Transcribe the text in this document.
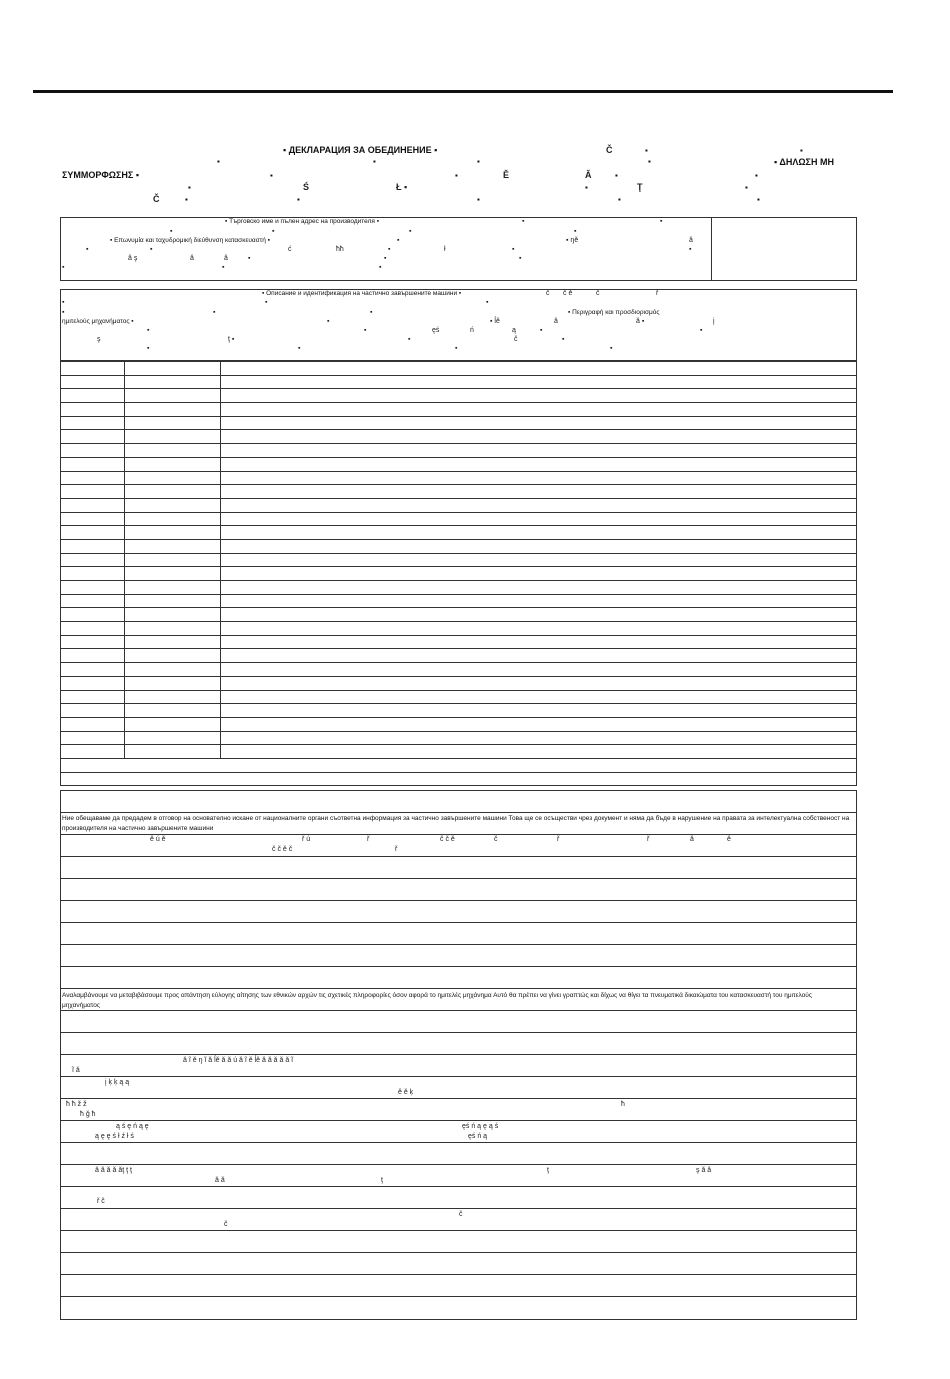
▪ ДЕКЛАРАЦИЯ ЗА ОБЕДИНЕНИЕ ▪	Č	▪	▪
▪	▪	▪	▪	▪ ΔΗΛΩΣΗ ΜΗ
ΣΥΜΜΟΡΦΩΣΗΣ ▪	▪	▪	Ě	Ă	▪	▪
▪	Ś	Ł ▪	▪	Ţ	▪
Č	▪	▪	▪	▪	▪
▪ Търговско име и пълен адрес на производителя ▪	▪	▪
▪	▪	▪	▪
▪ Επωνυμία και ταχυδρομική διεύθυνση κατασκευαστή ▪	▪	▪ ŋě	ă
▪	▪	ć	ħħ	▪	ł	▪	▪
ă ş	ă	ă	▪	▪	▪
▪	▪	▪
▪ Описание и идентификация на частично завършените машини ▪	č č ě	č	ř
▪	▪	▪
▪	▪	▪	▪ Περιγραφή και προσδιορισμός
ημιτελούς μηχανήματος ▪	▪	▪ ĺě	ă	ă ▪	į
▪	▪	ęś	ń	ą	▪	▪
ş	ţ ▪	▪	č	▪
▪	▪	▪	▪

Ние обещаваме да предадем в отговор на основателно искане от националните органи съответна информация за частично завършените машини Това ще се осъществи чрез документ и няма да бъде в нарушение на правата за интелектуална собственост на производителя на частично завършените машини
ě ú ě	ř ú	ř	č č ě	č	ř	ř	ă	ě
č č ě č	ř
Αναλαμβάνουμε να μεταβιβάσουμε προς απάντηση εύλογης αίτησης των εθνικών αρχών τις σχετικές πληροφορίες όσον αφορά το ημιτελές μηχάνημα Αυτό θα πρέπει να γίνει γραπτώς και δίχως να θίγει τα πνευματικά δικαιώματα του κατασκευαστή του ημιτελούς μηχανήματος
ă ĩ ě ŋ ĩ ă ĺě ă ă ú ă ĩ ě ĺě ă ă ă ă ă ĩ
ĩ ă
į ķ ķ ą ą
ě ě ķ
ħ ħ ž ž	ħ
ħ ğ ħ
ą ś ę ń ą ę	ęś ń ą ę ą ś
ą ę ę ś ł ź ł ś	ęś ń ą
ă ă ă ă ăţ ţ ţ	ţ	ş ă ă
ă ă	ţ
ř č
č
č
